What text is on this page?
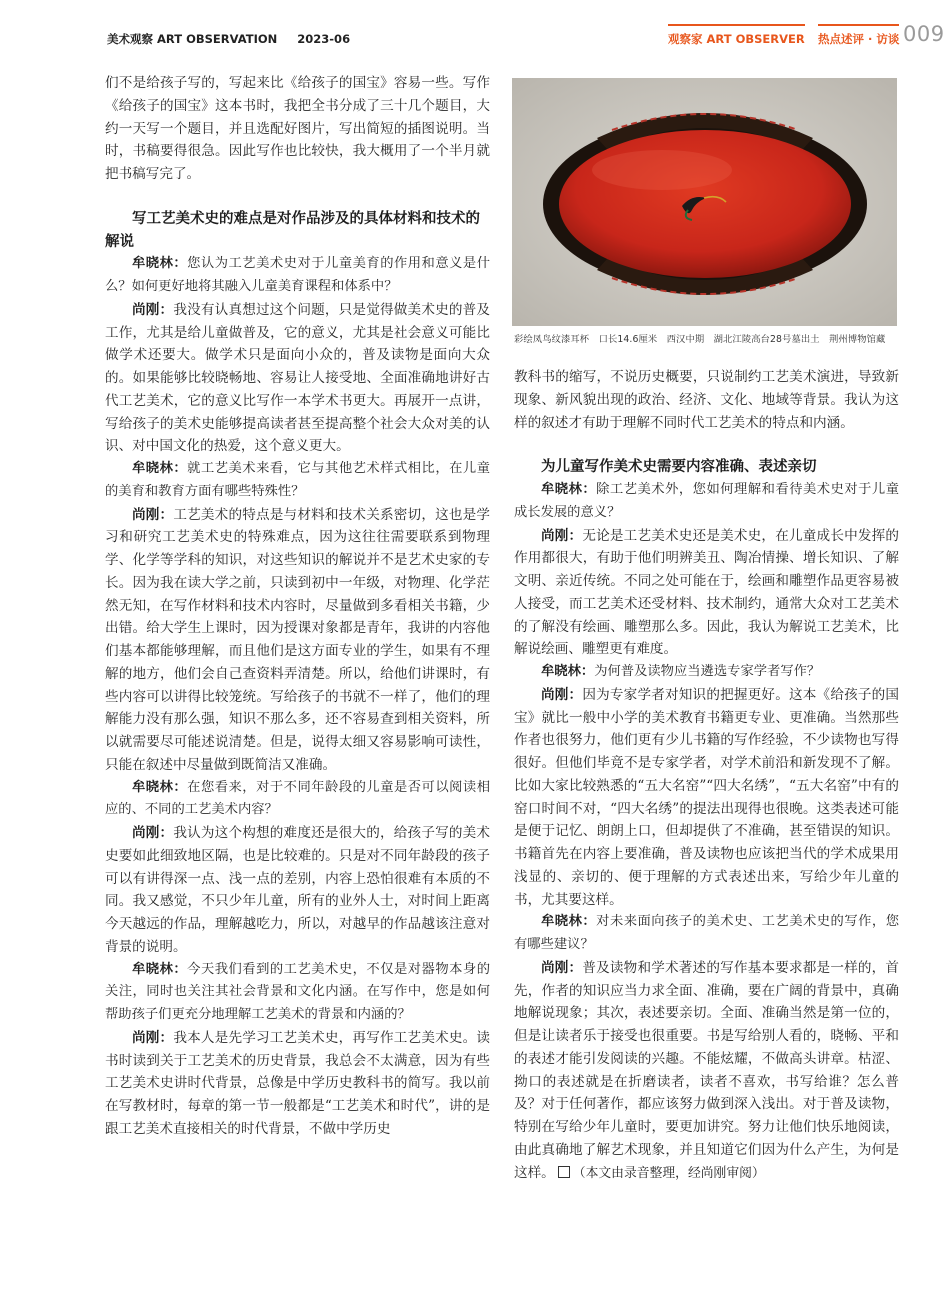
美术观察 ART OBSERVATION 2023-06	观察家 ART OBSERVER 热点述评 · 访谈 009

们不是给孩子写的，写起来比《给孩子的国宝》容易一些。写作《给孩子的国宝》这本书时，我把全书分成了三十几个题目，大约一天写一个题目，并且选配好图片，写出简短的插图说明。当时，书稿要得很急。因此写作也比较快，我大概用了一个半月就把书稿写完了。

写工艺美术史的难点是对作品涉及的具体材料和技术的解说

牟晓林：您认为工艺美术史对于儿童美育的作用和意义是什么？如何更好地将其融入儿童美育课程和体系中？

尚刚：我没有认真想过这个问题，只是觉得做美术史的普及工作，尤其是给儿童做普及，它的意义，尤其是社会意义可能比做学术还要大。做学术只是面向小众的，普及读物是面向大众的。如果能够比较晓畅地、容易让人接受地、全面准确地讲好古代工艺美术，它的意义比写作一本学术书更大。再展开一点讲，写给孩子的美术史能够提高读者甚至提高整个社会大众对美的认识、对中国文化的热爱，这个意义更大。

牟晓林：就工艺美术来看，它与其他艺术样式相比，在儿童的美育和教育方面有哪些特殊性？

尚刚：工艺美术的特点是与材料和技术关系密切，这也是学习和研究工艺美术史的特殊难点，因为这往往需要联系到物理学、化学等学科的知识，对这些知识的解说并不是艺术史家的专长。因为我在读大学之前，只读到初中一年级，对物理、化学茫然无知，在写作材料和技术内容时，尽量做到多看相关书籍，少出错。给大学生上课时，因为授课对象都是青年，我讲的内容他们基本都能够理解，而且他们是这方面专业的学生，如果有不理解的地方，他们会自己查资料弄清楚。所以，给他们讲课时，有些内容可以讲得比较笼统。写给孩子的书就不一样了，他们的理解能力没有那么强，知识不那么多，还不容易查到相关资料，所以就需要尽可能述说清楚。但是，说得太细又容易影响可读性，只能在叙述中尽量做到既简洁又准确。

牟晓林：在您看来，对于不同年龄段的儿童是否可以阅读相应的、不同的工艺美术内容？

尚刚：我认为这个构想的难度还是很大的，给孩子写的美术史要如此细致地区隔，也是比较难的。只是对不同年龄段的孩子可以有讲得深一点、浅一点的差别，内容上恐怕很难有本质的不同。我又感觉，不只少年儿童，所有的业外人士，对时间上距离今天越远的作品，理解越吃力，所以，对越早的作品越该注意对背景的说明。

牟晓林：今天我们看到的工艺美术史，不仅是对器物本身的关注，同时也关注其社会背景和文化内涵。在写作中，您是如何帮助孩子们更充分地理解工艺美术的背景和内涵的？

尚刚：我本人是先学习工艺美术史，再写作工艺美术史。读书时读到关于工艺美术的历史背景，我总会不太满意，因为有些工艺美术史讲时代背景，总像是中学历史教科书的简写。我以前在写教材时，每章的第一节一般都是“工艺美术和时代”，讲的是跟工艺美术直接相关的时代背景，不做中学历史

彩绘凤鸟纹漆耳杯　口长14.6厘米　西汉中期　湖北江陵高台28号墓出土　荆州博物馆藏

教科书的缩写，不说历史概要，只说制约工艺美术演进，导致新现象、新风貌出现的政治、经济、文化、地域等背景。我认为这样的叙述才有助于理解不同时代工艺美术的特点和内涵。

为儿童写作美术史需要内容准确、表述亲切

牟晓林：除工艺美术外，您如何理解和看待美术史对于儿童成长发展的意义？

尚刚：无论是工艺美术史还是美术史，在儿童成长中发挥的作用都很大，有助于他们明辨美丑、陶冶情操、增长知识、了解文明、亲近传统。不同之处可能在于，绘画和雕塑作品更容易被人接受，而工艺美术还受材料、技术制约，通常大众对工艺美术的了解没有绘画、雕塑那么多。因此，我认为解说工艺美术，比解说绘画、雕塑更有难度。

牟晓林：为何普及读物应当遴选专家学者写作？

尚刚：因为专家学者对知识的把握更好。这本《给孩子的国宝》就比一般中小学的美术教育书籍更专业、更准确。当然那些作者也很努力，他们更有少儿书籍的写作经验，不少读物也写得很好。但他们毕竟不是专家学者，对学术前沿和新发现不了解。比如大家比较熟悉的“五大名窑”“四大名绣”，“五大名窑”中有的窑口时间不对，“四大名绣”的提法出现得也很晚。这类表述可能是便于记忆、朗朗上口，但却提供了不准确，甚至错误的知识。书籍首先在内容上要准确，普及读物也应该把当代的学术成果用浅显的、亲切的、便于理解的方式表述出来，写给少年儿童的书，尤其要这样。

牟晓林：对未来面向孩子的美术史、工艺美术史的写作，您有哪些建议？

尚刚：普及读物和学术著述的写作基本要求都是一样的，首先，作者的知识应当力求全面、准确，要在广阔的背景中，真确地解说现象；其次，表述要亲切。全面、准确当然是第一位的，但是让读者乐于接受也很重要。书是写给别人看的，晓畅、平和的表述才能引发阅读的兴趣。不能炫耀，不做高头讲章。枯涩、拗口的表述就是在折磨读者，读者不喜欢，书写给谁？怎么普及？对于任何著作，都应该努力做到深入浅出。对于普及读物，特别在写给少年儿童时，要更加讲究。努力让他们快乐地阅读，由此真确地了解艺术现象，并且知道它们因为什么产生，为何是这样。 （本文由录音整理，经尚刚审阅）
